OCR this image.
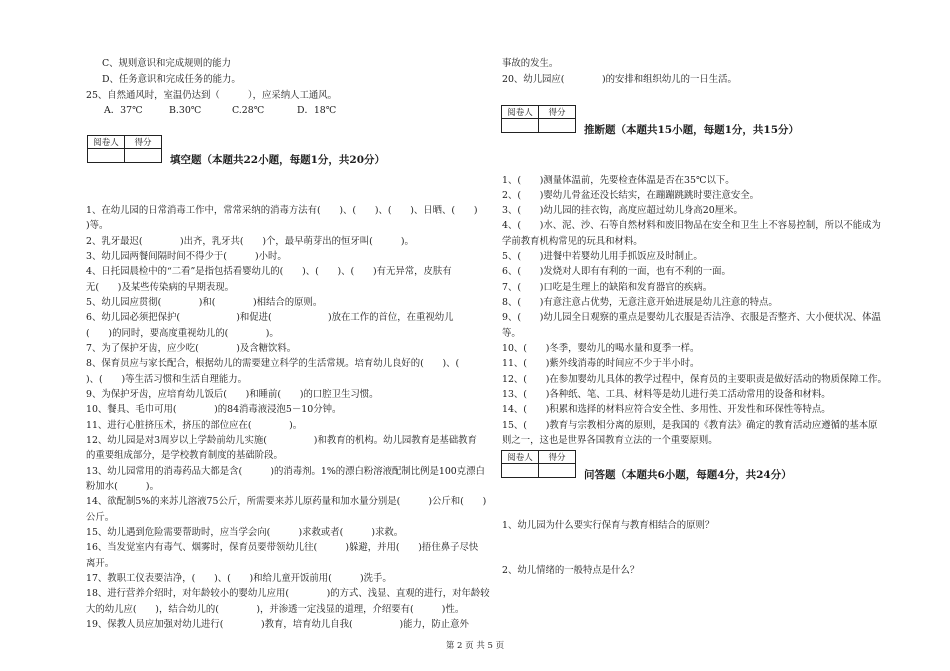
C、规则意识和完成规则的能力
D、任务意识和完成任务的能力。
25、自然通风时，室温仍达到（　　　），应采纳人工通风。
A．37℃	B.30℃	C.28℃	D．18℃
阅卷人	得分

填空题（本题共22小题，每题1分，共20分）
1、在幼儿园的日常消毒工作中，常常采纳的消毒方法有(　　)、(　　)、(　　)、日晒、(　　)
)等。
2、乳牙最迟(　　　　)出齐，乳牙共(　　)个，最早萌芽出的恒牙叫(　　　)。
3、幼儿园两餐间隔时间不得少于(　　　)小时。
4、日托园晨检中的“二看”是指包括看婴幼儿的(　　)、(　　)、(　　)有无异常，皮肤有
无(　　)及某些传染病的早期表现。
5、幼儿园应贯彻(　　　　)和(　　　　)相结合的原则。
6、幼儿园必须把保护(　　　　　　)和促进(　　　　　　)放在工作的首位，在重视幼儿
(　　)的同时，要高度重视幼儿的(　　　　)。
7、为了保护牙齿，应少吃(　　　　)及含糖饮料。
8、保育员应与家长配合，根据幼儿的需要建立科学的生活常规。培育幼儿良好的(　　)、(
)、(　　)等生活习惯和生活自理能力。
9、为保护牙齿，应培育幼儿饭后(　　)和睡前(　　)的口腔卫生习惯。
10、餐具、毛巾可用(　　　　)的84消毒液浸泡5－10分钟。
11、进行心脏挤压术，挤压的部位应在(　　　　)。
12、幼儿园是对3周岁以上学龄前幼儿实施(　　　　　)和教育的机构。幼儿园教育是基础教育
的重要组成部分，是学校教育制度的基础阶段。
13、幼儿园常用的消毒药品大都是含(　　　)的消毒剂。1%的漂白粉溶液配制比例是100克漂白
粉加水(　　　)。
14、欲配制5%的来苏儿溶液75公斤，所需要来苏儿原药量和加水量分别是(　　　)公斤和(　　)
公斤。
15、幼儿遇到危险需要帮助时，应当学会向(　　　)求救或者(　　　)求救。
16、当发觉室内有毒气、烟雾时，保育员要带领幼儿往(　　　)躲避，并用(　　)捂住鼻子尽快
离开。
17、教职工仪表要洁净，(　　)、(　　)和给儿童开饭前用(　　　)洗手。
18、进行营养介绍时，对年龄较小的婴幼儿应用(　　　　)的方式、浅显、直观的进行，对年龄较
大的幼儿应(　　)，结合幼儿的(　　　　)，并渗透一定浅显的道理，介绍要有(　　　)性。
19、保教人员应加强对幼儿进行(　　　　)教育，培育幼儿自我(　　　　　)能力，防止意外
事故的发生。
20、幼儿园应(　　　　)的安排和组织幼儿的一日生活。
阅卷人	得分

推断题（本题共15小题，每题1分，共15分）
1、(　　)测量体温前，先要检查体温是否在35℃以下。
2、(　　)婴幼儿骨盆还没长结实，在蹦蹦跳跳时要注意安全。
3、(　　)幼儿园的挂衣钩，高度应超过幼儿身高20厘米。
4、(　　)水、泥、沙、石等自然材料和废旧物品在安全和卫生上不容易控制，所以不能成为
学前教育机构常见的玩具和材料。
5、(　　)进餐中若婴幼儿用手抓饭应及时制止。
6、(　　)发烧对人即有有利的一面，也有不利的一面。
7、(　　)口吃是生理上的缺陷和发育器官的疾病。
8、(　　)有意注意占优势，无意注意开始进展是幼儿注意的特点。
9、(　　)幼儿园全日观察的重点是婴幼儿衣服是否洁净、衣服是否整齐、大小便状况、体温
等。
10、(　　)冬季，婴幼儿的喝水量和夏季一样。
11、(　　)紫外线消毒的时间应不少于半小时。
12、(　　)在参加婴幼儿具体的教学过程中，保育员的主要职责是做好活动的物质保障工作。
13、(　　)各种纸、笔、工具、材料等是幼儿进行美工活动常用的设备和材料。
14、(　　)积累和选择的材料应符合安全性、多用性、开发性和环保性等特点。
15、(　　)教育与宗教相分离的原则，是我国的《教育法》确定的教育活动应遵循的基本原
则之一，这也是世界各国教育立法的一个重要原则。
阅卷人	得分

问答题（本题共6小题，每题4分，共24分）
1、幼儿园为什么要实行保育与教育相结合的原则？
2、幼儿情绪的一般特点是什么？
第 2 页 共 5 页
